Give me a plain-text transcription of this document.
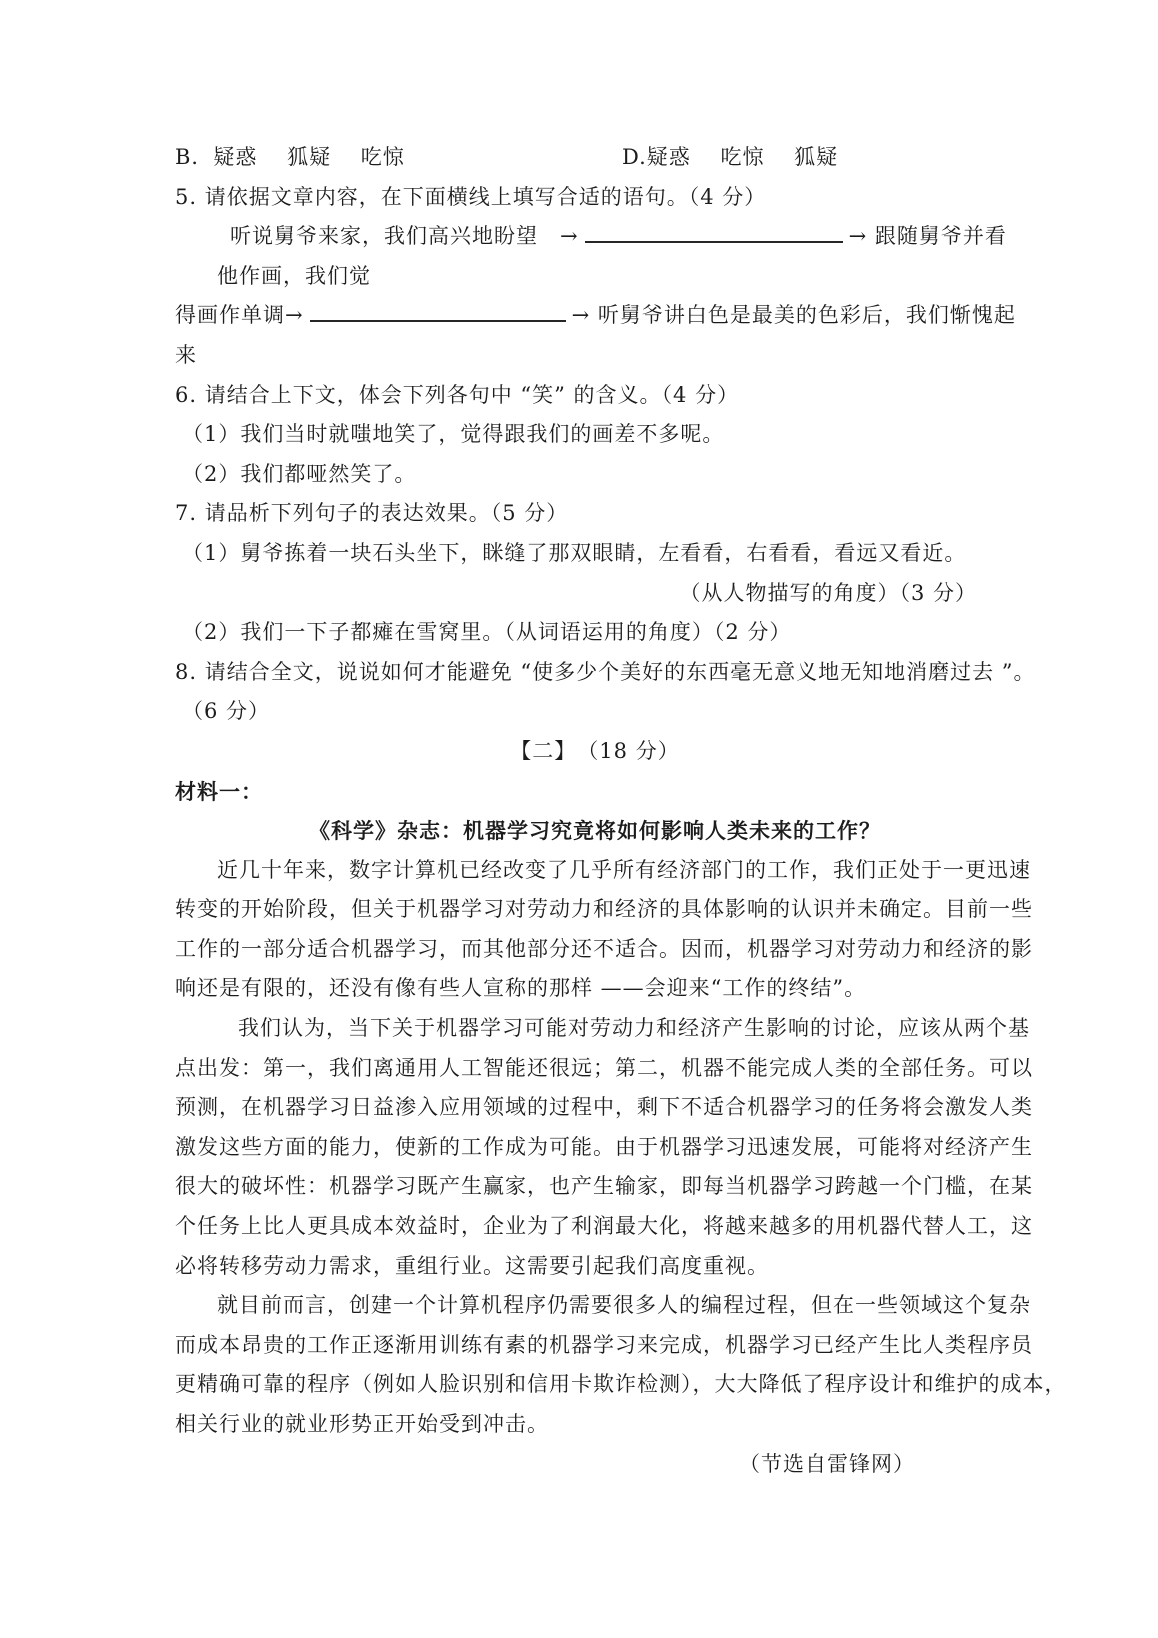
B．疑惑　 狐疑　 吃惊	D.疑惑　 吃惊　 狐疑
5. 请依据文章内容，在下面横线上填写合适的语句。（4 分）
听说舅爷来家，我们高兴地盼望　→	→ 跟随舅爷并看
他作画，我们觉
得画作单调→	→ 听舅爷讲白色是最美的色彩后，我们惭愧起
来
6. 请结合上下文，体会下列各句中 “笑” 的含义。（4 分）
（1）我们当时就嗤地笑了，觉得跟我们的画差不多呢。
（2）我们都哑然笑了。
7. 请品析下列句子的表达效果。（5 分）
（1）舅爷拣着一块石头坐下，眯缝了那双眼睛，左看看，右看看，看远又看近。
（从人物描写的角度）（3 分）
（2）我们一下子都瘫在雪窝里。（从词语运用的角度）（2 分）
8. 请结合全文，说说如何才能避免 “使多少个美好的东西毫无意义地无知地消磨过去 ”。
（6 分）
【二】　（18 分）
材料一：
《科学》杂志：机器学习究竟将如何影响人类未来的工作？
近几十年来，数字计算机已经改变了几乎所有经济部门的工作，我们正处于一更迅速
转变的开始阶段，但关于机器学习对劳动力和经济的具体影响的认识并未确定。目前一些
工作的一部分适合机器学习，而其他部分还不适合。因而，机器学习对劳动力和经济的影
响还是有限的，还没有像有些人宣称的那样 ——会迎来“工作的终结”。
我们认为，当下关于机器学习可能对劳动力和经济产生影响的讨论，应该从两个基
点出发：第一，我们离通用人工智能还很远；第二，机器不能完成人类的全部任务。可以
预测，在机器学习日益渗入应用领域的过程中，剩下不适合机器学习的任务将会激发人类
激发这些方面的能力，使新的工作成为可能。由于机器学习迅速发展，可能将对经济产生
很大的破坏性：机器学习既产生赢家，也产生输家，即每当机器学习跨越一个门槛，在某
个任务上比人更具成本效益时，企业为了利润最大化，将越来越多的用机器代替人工，这
必将转移劳动力需求，重组行业。这需要引起我们高度重视。
就目前而言，创建一个计算机程序仍需要很多人的编程过程，但在一些领域这个复杂
而成本昂贵的工作正逐渐用训练有素的机器学习来完成，机器学习已经产生比人类程序员
更精确可靠的程序（例如人脸识别和信用卡欺诈检测），大大降低了程序设计和维护的成本，
相关行业的就业形势正开始受到冲击。
（节选自雷锋网）
